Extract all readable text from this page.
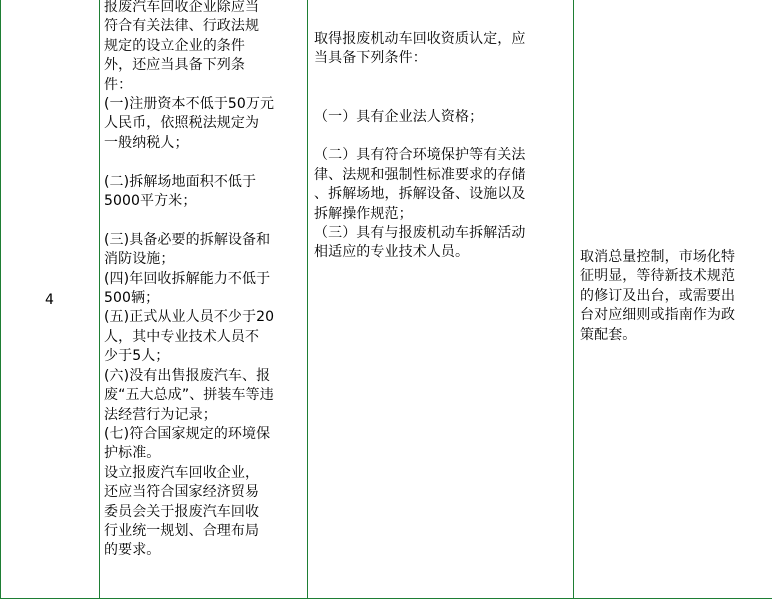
4
报废汽车回收企业除应当
符合有关法律、行政法规
规定的设立企业的条件
外，还应当具备下列条
件：
(一)注册资本不低于50万元
人民币，依照税法规定为
一般纳税人；
(二)拆解场地面积不低于
5000平方米；
(三)具备必要的拆解设备和
消防设施；
(四)年回收拆解能力不低于
500辆；
(五)正式从业人员不少于20
人，其中专业技术人员不
少于5人；
(六)没有出售报废汽车、报
废“五大总成”、拼装车等违
法经营行为记录；
(七)符合国家规定的环境保
护标准。
设立报废汽车回收企业，
还应当符合国家经济贸易
委员会关于报废汽车回收
行业统一规划、合理布局
的要求。
取得报废机动车回收资质认定，应
当具备下列条件：
（一）具有企业法人资格；
（二）具有符合环境保护等有关法
律、法规和强制性标准要求的存储
、拆解场地，拆解设备、设施以及
拆解操作规范；
（三）具有与报废机动车拆解活动
相适应的专业技术人员。	取消总量控制，市场化特
征明显，等待新技术规范
的修订及出台，或需要出
台对应细则或指南作为政
策配套。
